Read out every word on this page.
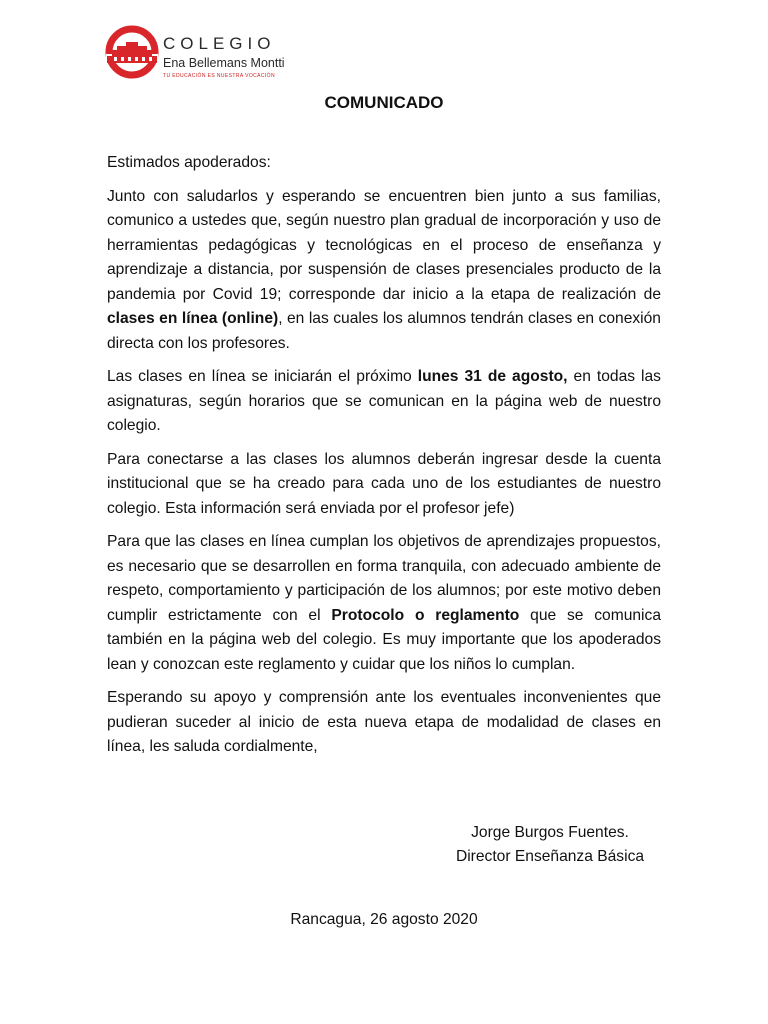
COLEGIO
Ena Bellemans Montti
TU EDUCACIÓN ES NUESTRA VOCACIÓN
COMUNICADO

Estimados apoderados:

Junto con saludarlos y esperando se encuentren bien junto a sus familias, comunico a ustedes que, según nuestro plan gradual de incorporación y uso de herramientas pedagógicas y tecnológicas en el proceso de enseñanza y aprendizaje a distancia, por suspensión de clases presenciales producto de la pandemia por Covid 19; corresponde dar inicio a la etapa de realización de clases en línea (online), en las cuales los alumnos tendrán clases en conexión directa con los profesores.

Las clases en línea se iniciarán el próximo lunes 31 de agosto, en todas las asignaturas, según horarios que se comunican en la página web de nuestro colegio.

Para conectarse a las clases los alumnos deberán ingresar desde la cuenta institucional que se ha creado para cada uno de los estudiantes de nuestro colegio. Esta información será enviada por el profesor jefe)

Para que las clases en línea cumplan los objetivos de aprendizajes propuestos, es necesario que se desarrollen en forma tranquila, con adecuado ambiente de respeto, comportamiento y participación de los alumnos; por este motivo deben cumplir estrictamente con el Protocolo o reglamento que se comunica también en la página web del colegio. Es muy importante que los apoderados lean y conozcan este reglamento y cuidar que los niños lo cumplan.

Esperando su apoyo y comprensión ante los eventuales inconvenientes que pudieran suceder al inicio de esta nueva etapa de modalidad de clases en línea, les saluda cordialmente,

Jorge Burgos Fuentes.
Director Enseñanza Básica
Rancagua, 26 agosto 2020
